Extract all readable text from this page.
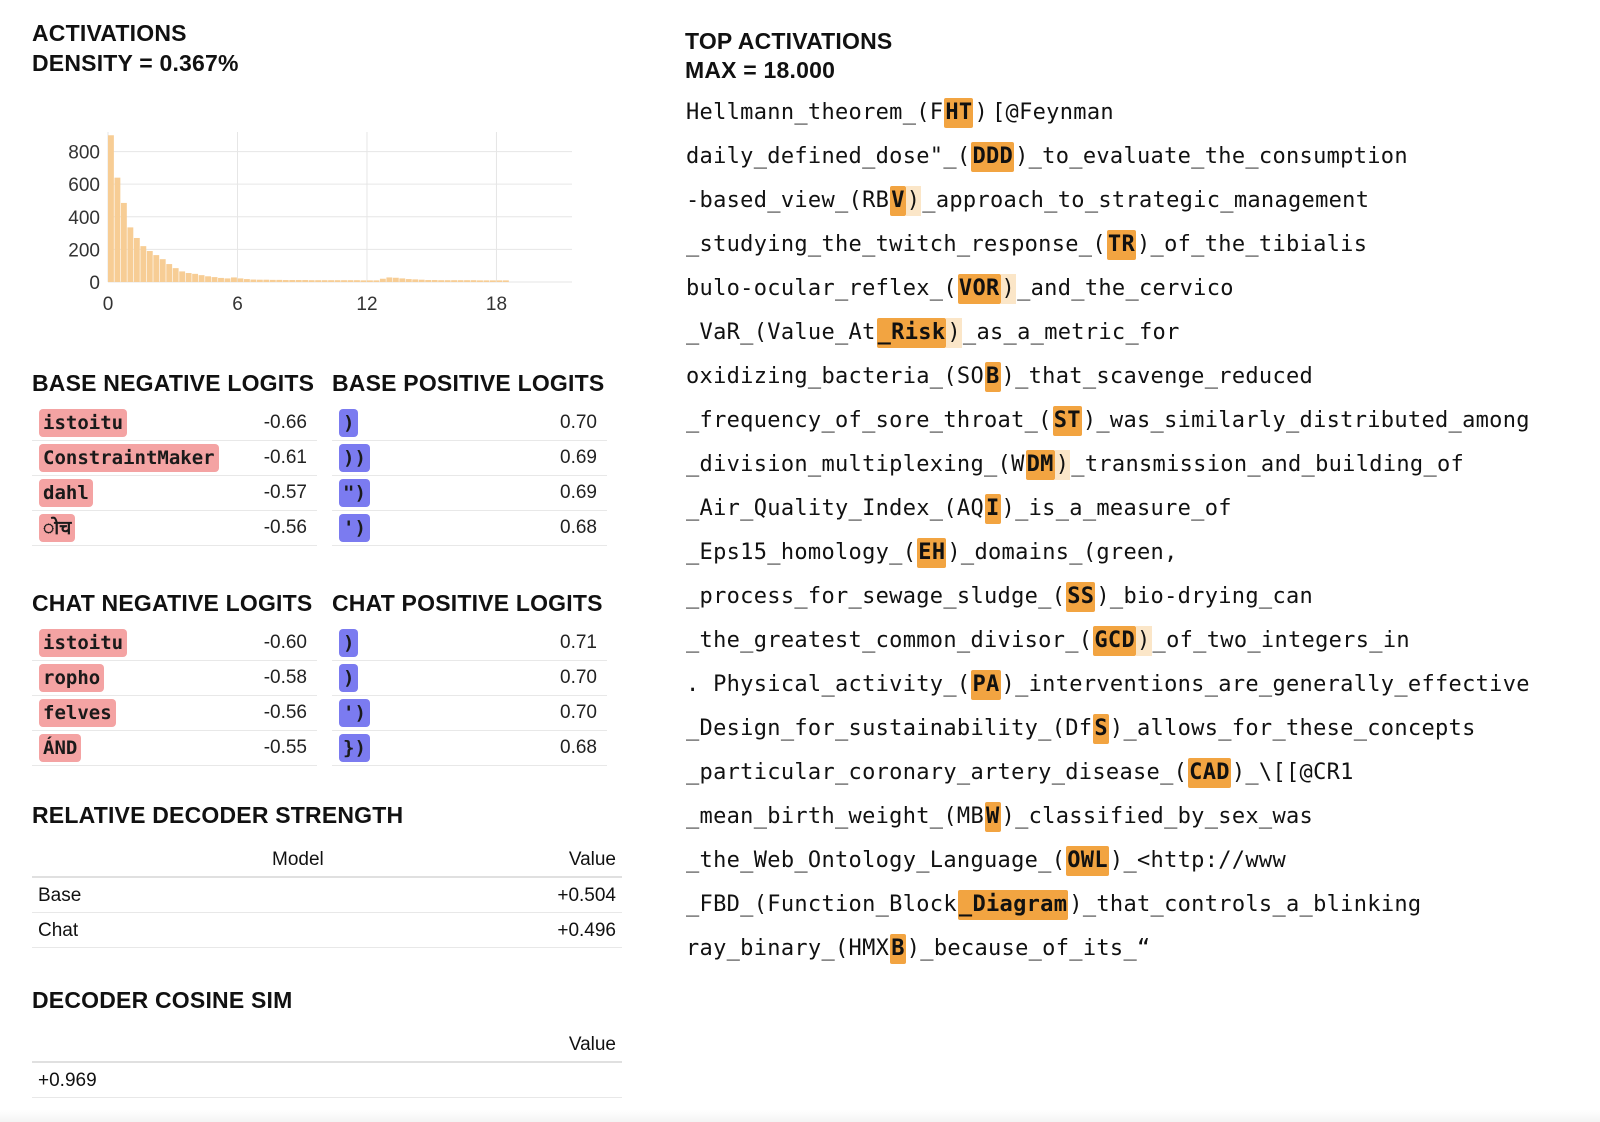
ACTIVATIONS
DENSITY = 0.367%
800
600
400
200
0
0	6	12	18
BASE NEGATIVE LOGITS BASE POSITIVE LOGITS
istoitu	-0.66
ConstraintMaker	-0.61
dahl	-0.57
ोच	-0.56
)	0.70
))	0.69
")	0.69
')	0.68
CHAT NEGATIVE LOGITS CHAT POSITIVE LOGITS
istoitu	-0.60
ropho	-0.58
felves	-0.56
ÁND	-0.55
)	0.71
)	0.70
')	0.70
})	0.68
RELATIVE DECODER STRENGTH
Model	Value
Base	+0.504
Chat	+0.496
DECODER COSINE SIM
Value
+0.969
TOP ACTIVATIONS
MAX = 18.000
Hellmann_theorem_(FHT)[@Feynman
daily_defined_dose"_(DDD)_to_evaluate_the_consumption
-based_view_(RBV)_approach_to_strategic_management
_studying_the_twitch_response_(TR)_of_the_tibialis
bulo-ocular_reflex_(VOR)_and_the_cervico
_VaR_(Value_At_Risk)_as_a_metric_for
oxidizing_bacteria_(SOB)_that_scavenge_reduced
_frequency_of_sore_throat_(ST)_was_similarly_distributed_among
_division_multiplexing_(WDM)_transmission_and_building_of
_Air_Quality_Index_(AQI)_is_a_measure_of
_Eps15_homology_(EH)_domains_(green,
_process_for_sewage_sludge_(SS)_bio-drying_can
_the_greatest_common_divisor_(GCD)_of_two_integers_in
. Physical_activity_(PA)_interventions_are_generally_effective
_Design_for_sustainability_(DfS)_allows_for_these_concepts
_particular_coronary_artery_disease_(CAD)_\[[@CR1
_mean_birth_weight_(MBW)_classified_by_sex_was
_the_Web_Ontology_Language_(OWL)_<http://www
_FBD_(Function_Block_Diagram)_that_controls_a_blinking
ray_binary_(HMXB)_because_of_its_“
